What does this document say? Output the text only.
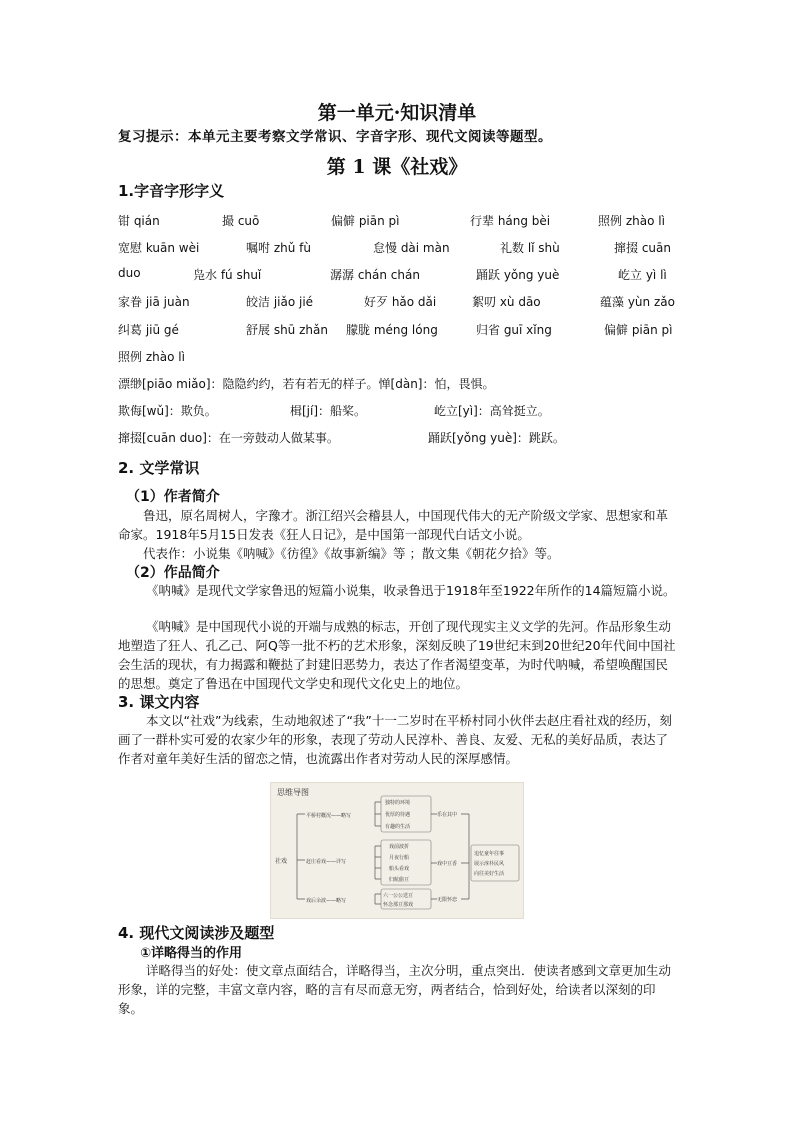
第一单元·知识清单
复习提示：本单元主要考察文学常识、字音字形、现代文阅读等题型。
第 1 课《社戏》
1.字音字形字义
钳 qián	撮 cuō	偏僻 piān pì	行辈 háng bèi	照例 zhào lì
宽慰 kuān wèi	嘱咐 zhǔ fù	怠慢 dài màn	礼数 lǐ shù	撺掇 cuān
duo	凫水 fú shuǐ	潺潺 chán chán	踊跃 yǒng yuè	屹立 yì lì
家眷 jiā juàn	皎洁 jiǎo jié	好歹 hǎo dǎi	絮叨 xù dāo	蕴藻 yùn zǎo
纠葛 jiū gé	舒展 shū zhǎn 朦胧 méng lóng	归省 guī xǐng	偏僻 piān pì
照例 zhào lì
漂缈[piāo miǎo]：隐隐约约，若有若无的样子。惮[dàn]：怕，畏惧。
欺侮[wǔ]：欺负。	楫[jí]：船桨。	屹立[yì]：高耸挺立。
撺掇[cuān duo]：在一旁鼓动人做某事。	踊跃[yǒng yuè]：跳跃。
2. 文学常识
（1）作者简介
鲁迅，原名周树人，字豫才。浙江绍兴会稽县人，中国现代伟大的无产阶级文学家、思想家和革命家。1918年5月15日发表《狂人日记》，是中国第一部现代白话文小说。
代表作：小说集《呐喊》《彷徨》《故事新编》等 ；散文集《朝花夕拾》等。
（2）作品简介
《呐喊》是现代文学家鲁迅的短篇小说集，收录鲁迅于1918年至1922年所作的14篇短篇小说。
《呐喊》是中国现代小说的开端与成熟的标志，开创了现代现实主义文学的先河。作品形象生动地塑造了狂人、孔乙己、阿Q等一批不朽的艺术形象，深刻反映了19世纪末到20世纪20年代间中国社会生活的现状，有力揭露和鞭挞了封建旧恶势力，表达了作者渴望变革，为时代呐喊，希望唤醒国民的思想。奠定了鲁迅在中国现代文学史和现代文化史上的地位。
3. 课文内容
本文以“社戏”为线索，生动地叙述了“我”十一二岁时在平桥村同小伙伴去赵庄看社戏的经历，刻画了一群朴实可爱的农家少年的形象，表现了劳动人民淳朴、善良、友爱、无私的美好品质，表达了作者对童年美好生活的留恋之情，也流露出作者对劳动人民的深厚感情。
思维导图
社戏
平桥村概况——略写
赶庄看戏——详写
戏后余波——略写
独特的环境
优厚的待遇
有趣的生活
戏前波折
月夜行船
船头看戏
归航偷豆
六一公公送豆
怀念那豆那戏
乐在其中
戏中豆香
无限怀恋
追忆童年往事
展示淳朴民风
向往美好生活
4. 现代文阅读涉及题型
①详略得当的作用
详略得当的好处：使文章点面结合，详略得当，主次分明，重点突出．使读者感到文章更加生动形象，详的完整，丰富文章内容，略的言有尽而意无穷，两者结合，恰到好处，给读者以深刻的印象。
